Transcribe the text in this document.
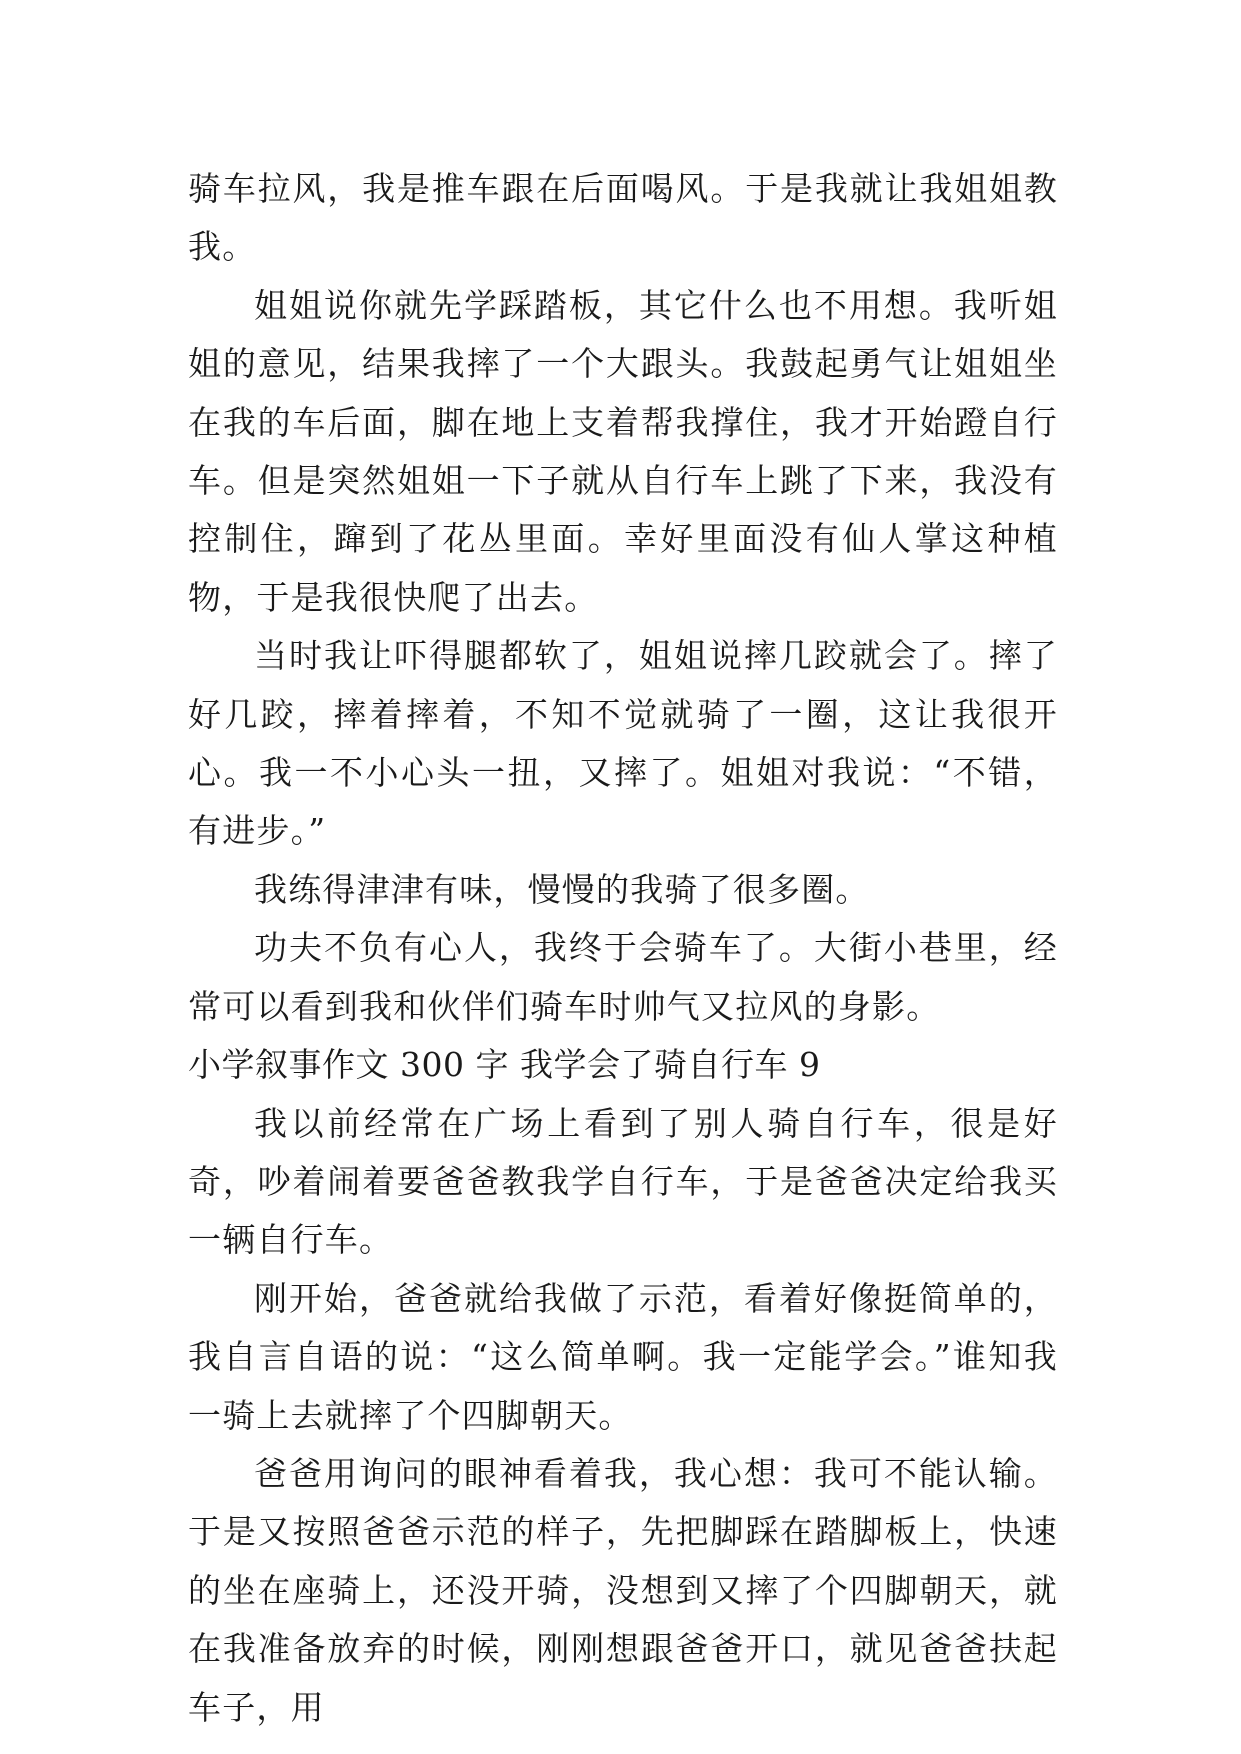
骑车拉风，我是推车跟在后面喝风。于是我就让我姐姐教我。

姐姐说你就先学踩踏板，其它什么也不用想。我听姐姐的意见，结果我摔了一个大跟头。我鼓起勇气让姐姐坐在我的车后面，脚在地上支着帮我撑住，我才开始蹬自行车。但是突然姐姐一下子就从自行车上跳了下来，我没有控制住，蹿到了花丛里面。幸好里面没有仙人掌这种植物，于是我很快爬了出去。

当时我让吓得腿都软了，姐姐说摔几跤就会了。摔了好几跤，摔着摔着，不知不觉就骑了一圈，这让我很开心。我一不小心头一扭，又摔了。姐姐对我说：“不错，有进步。”

我练得津津有味，慢慢的我骑了很多圈。

功夫不负有心人，我终于会骑车了。大街小巷里，经常可以看到我和伙伴们骑车时帅气又拉风的身影。

小学叙事作文 300 字 我学会了骑自行车 9

我以前经常在广场上看到了别人骑自行车，很是好奇，吵着闹着要爸爸教我学自行车，于是爸爸决定给我买一辆自行车。

刚开始，爸爸就给我做了示范，看着好像挺简单的，我自言自语的说：“这么简单啊。我一定能学会。”谁知我一骑上去就摔了个四脚朝天。

爸爸用询问的眼神看着我，我心想：我可不能认输。于是又按照爸爸示范的样子，先把脚踩在踏脚板上，快速的坐在座骑上，还没开骑，没想到又摔了个四脚朝天，就在我准备放弃的时候，刚刚想跟爸爸开口，就见爸爸扶起车子，用
